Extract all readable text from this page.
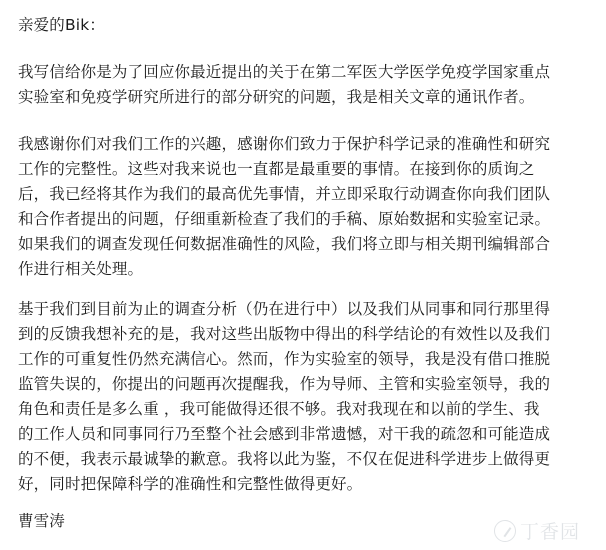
亲爱的Bik：
我写信给你是为了回应你最近提出的关于在第二军医大学医学免疫学国家重点
实验室和免疫学研究所进行的部分研究的问题，我是相关文章的通讯作者。
我感谢你们对我们工作的兴趣，感谢你们致力于保护科学记录的准确性和研究
工作的完整性。这些对我来说也一直都是最重要的事情。在接到你的质询之
后，我已经将其作为我们的最高优先事情，并立即采取行动调查你向我们团队
和合作者提出的问题，仔细重新检查了我们的手稿、原始数据和实验室记录。
如果我们的调查发现任何数据准确性的风险，我们将立即与相关期刊编辑部合
作进行相关处理。
基于我们到目前为止的调查分析（仍在进行中）以及我们从同事和同行那里得
到的反馈我想补充的是，我对这些出版物中得出的科学结论的有效性以及我们
工作的可重复性仍然充满信心。然而，作为实验室的领导，我是没有借口推脱
监管失误的，你提出的问题再次提醒我，作为导师、主管和实验室领导，我的
角色和责任是多么重 ，我可能做得还很不够。我对我现在和以前的学生、我
的工作人员和同事同行乃至整个社会感到非常遗憾，对干我的疏忽和可能造成
的不便，我表示最诚挚的歉意。我将以此为鉴，不仅在促进科学进步上做得更
好，同时把保障科学的准确性和完整性做得更好。
曹雪涛	丁香园
